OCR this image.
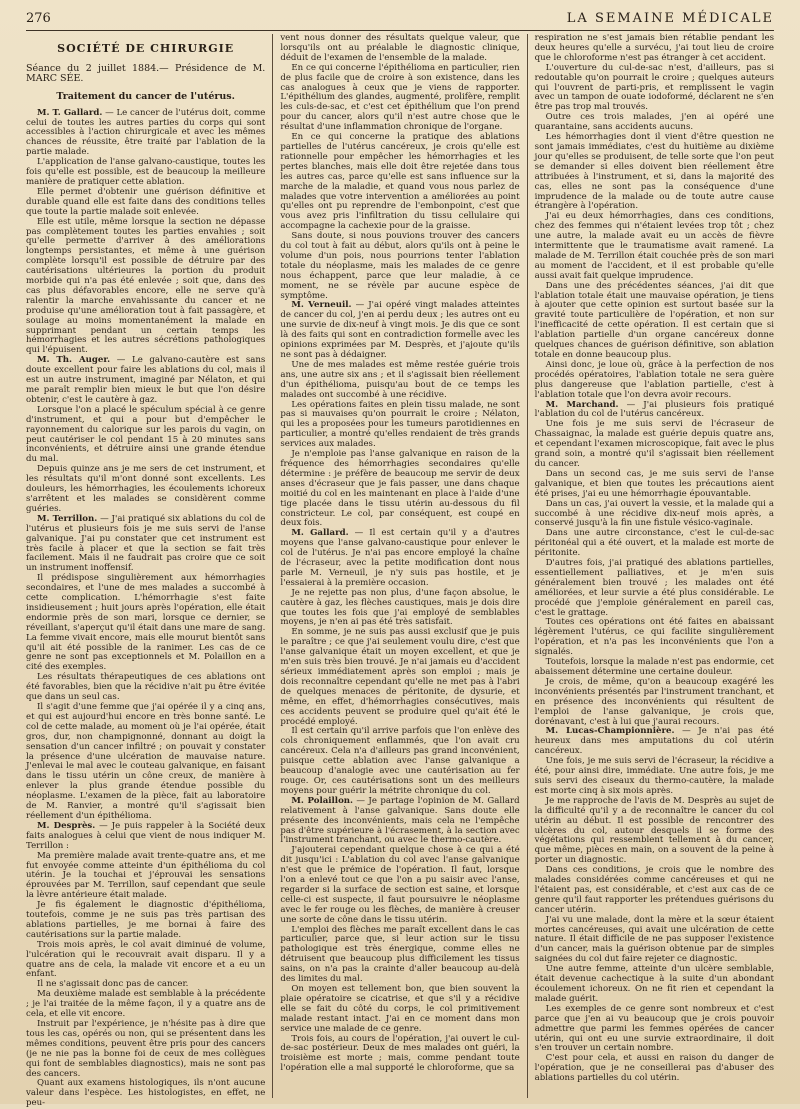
276	LA SEMAINE MÉDICALE
SOCIÉTÉ DE CHIRURGIE
Séance du 2 juillet 1884.— Présidence de M. MARC SÉE.
Traitement du cancer de l'utérus.

M. T. Gallard. — Le cancer de l'utérus doit, comme celui de toutes les autres parties du corps qui sont accessibles à l'action chirurgicale et avec les mêmes chances de réussite, être traité par l'ablation de la partie malade.

L'application de l'anse galvano-caustique, toutes les fois qu'elle est possible, est de beaucoup la meilleure manière de pratiquer cette ablation.

Elle permet d'obtenir une guérison définitive et durable quand elle est faite dans des conditions telles que toute la partie malade soit enlevée.

Elle est utile, même lorsque la section ne dépasse pas complètement toutes les parties envahies ; soit qu'elle permette d'arriver à des améliorations longtemps persistantes, et même à une guérison complète lorsqu'il est possible de détruire par des cautérisations ultérieures la portion du produit morbide qui n'a pas été enlevée ; soit que, dans des cas plus défavorables encore, elle ne serve qu'à ralentir la marche envahissante du cancer et ne produise qu'une amélioration tout à fait passagère, et soulage au moins momentanément la malade en supprimant pendant un certain temps les hémorrhagies et les autres sécrétions pathologiques qui l'épuisent.

M. Th. Auger. — Le galvano-cautère est sans doute excellent pour faire les ablations du col, mais il est un autre instrument, imaginé par Nélaton, et qui me paraît remplir bien mieux le but que l'on désire obtenir, c'est le cautère à gaz.

Lorsque l'on a placé le spéculum spécial à ce genre d'instrument, et qui a pour but d'empêcher le rayonnement du calorique sur les parois du vagin, on peut cautériser le col pendant 15 à 20 minutes sans inconvénients, et détruire ainsi une grande étendue du mal.

Depuis quinze ans je me sers de cet instrument, et les résultats qu'il m'ont donné sont excellents. Les douleurs, les hémorrhagies, les écoulements ichoreux s'arrêtent et les malades se considèrent comme guéries.

M. Terrillon. — J'ai pratiqué six ablations du col de l'utérus et plusieurs fois je me suis servi de l'anse galvanique. J'ai pu constater que cet instrument est très facile à placer et que la section se fait très facilement. Mais il ne faudrait pas croire que ce soit un instrument inoffensif.

Il prédispose singulièrement aux hémorrhagies secondaires, et l'une de mes malades a succombé à cette complication. L'hémorrhagie s'est faite insidieusement ; huit jours après l'opération, elle était endormie près de son mari, lorsque ce dernier, se réveillant, s'aperçut qu'il était dans une mare de sang. La femme vivait encore, mais elle mourut bientôt sans qu'il ait été possible de la ranimer. Les cas de ce genre ne sont pas exceptionnels et M. Polaillon en a cité des exemples.

Les résultats thérapeutiques de ces ablations ont été favorables, bien que la récidive n'ait pu être évitée que dans un seul cas.

Il s'agit d'une femme que j'ai opérée il y a cinq ans, et qui est aujourd'hui encore en très bonne santé. Le col de cette malade, au moment où je l'ai opérée, était gros, dur, non champignonné, donnant au doigt la sensation d'un cancer infiltré ; on pouvait y constater la présence d'une ulcération de mauvaise nature. J'enlevai le mal avec le couteau galvanique, en faisant dans le tissu utérin un cône creux, de manière à enlever la plus grande étendue possible du néoplasme. L'examen de la pièce, fait au laboratoire de M. Ranvier, a montré qu'il s'agissait bien réellement d'un épithélioma.

M. Desprès. — Je puis rappeler à la Société deux faits analogues à celui que vient de nous indiquer M. Terrillon :

Ma première malade avait trente-quatre ans, et me fut envoyée comme atteinte d'un épithélioma du col utérin. Je la touchai et j'éprouvai les sensations éprouvées par M. Terrillon, sauf cependant que seule la lèvre antérieure était malade.

Je fis également le diagnostic d'épithélioma, toutefois, comme je ne suis pas très partisan des ablations partielles, je me bornai à faire des cautérisations sur la partie malade.

Trois mois après, le col avait diminué de volume, l'ulcération qui le recouvrait avait disparu. Il y a quatre ans de cela, la malade vit encore et a eu un enfant.

Il ne s'agissait donc pas de cancer.

Ma deuxième malade est semblable à la précédente ; je l'ai traitée de la même façon, il y a quatre ans de cela, et elle vit encore.

Instruit par l'expérience, je n'hésite pas à dire que tous les cas, opérés ou non, qui se présentent dans les mêmes conditions, peuvent être pris pour des cancers (je ne nie pas la bonne foi de ceux de mes collègues qui font de semblables diagnostics), mais ne sont pas des cancers.

Quant aux examens histologiques, ils n'ont aucune valeur dans l'espèce. Les histologistes, en effet, ne peu-

vent nous donner des résultats quelque valeur, que lorsqu'ils ont au préalable le diagnostic clinique, déduit de l'examen de l'ensemble de la malade.

En ce qui concerne l'épithélioma en particulier, rien de plus facile que de croire à son existence, dans les cas analogues à ceux que je viens de rapporter. L'épithélium des glandes, augmenté, prolifère, remplit les culs-de-sac, et c'est cet épithélium que l'on prend pour du cancer, alors qu'il n'est autre chose que le résultat d'une inflammation chronique de l'organe.

En ce qui concerne la pratique des ablations partielles de l'utérus cancéreux, je crois qu'elle est rationnelle pour empêcher les hémorrhagies et les pertes blanches, mais elle doit être rejetée dans tous les autres cas, parce qu'elle est sans influence sur la marche de la maladie, et quand vous nous parlez de malades que votre intervention a améliorées au point qu'elles ont pu reprendre de l'embonpoint, c'est que vous avez pris l'infiltration du tissu cellulaire qui accompagne la cachexie pour de la graisse.

Sans doute, si nous pouvions trouver des cancers du col tout à fait au début, alors qu'ils ont à peine le volume d'un pois, nous pourrions tenter l'ablation totale du néoplasme, mais les malades de ce genre nous échappent, parce que leur maladie, à ce moment, ne se révèle par aucune espèce de symptôme.

M. Verneuil. — J'ai opéré vingt malades atteintes de cancer du col, j'en ai perdu deux ; les autres ont eu une survie de dix-neuf à vingt mois. Je dis que ce sont là des faits qui sont en contradiction formelle avec les opinions exprimées par M. Desprès, et j'ajoute qu'ils ne sont pas à dédaigner.

Une de mes malades est même restée guérie trois ans, une autre six ans ; et il s'agissait bien réellement d'un épithélioma, puisqu'au bout de ce temps les malades ont succombé à une récidive.

Les opérations faites en plein tissu malade, ne sont pas si mauvaises qu'on pourrait le croire ; Nélaton, qui les a proposées pour les tumeurs parotidiennes en particulier, a montré qu'elles rendaient de très grands services aux malades.

Je n'emploie pas l'anse galvanique en raison de la fréquence des hémorrhagies secondaires qu'elle détermine : je préfère de beaucoup me servir de deux anses d'écraseur que je fais passer, une dans chaque moitié du col en les maintenant en place à l'aide d'une tige placée dans le tissu utérin au-dessous du fil constricteur. Le col, par conséquent, est coupé en deux fois.

M. Gallard. — Il est certain qu'il y a d'autres moyens que l'anse galvano-caustique pour enlever le col de l'utérus. Je n'ai pas encore employé la chaîne de l'écraseur, avec la petite modification dont nous parle M. Verneuil, je n'y suis pas hostile, et je l'essaierai à la première occasion.

Je ne rejette pas non plus, d'une façon absolue, le cautère à gaz, les flèches caustiques, mais je dois dire que toutes les fois que j'ai employé de semblables moyens, je n'en ai pas été très satisfait.

En somme, je ne suis pas aussi exclusif que je puis le paraître ; ce que j'ai seulement voulu dire, c'est que l'anse galvanique était un moyen excellent, et que je m'en suis très bien trouvé. Je n'ai jamais eu d'accident sérieux immédiatement après son emploi ; mais je dois reconnaître cependant qu'elle ne met pas à l'abri de quelques menaces de péritonite, de dysurie, et même, en effet, d'hémorrhagies consécutives, mais ces accidents peuvent se produire quel qu'ait été le procédé employé.

Il est certain qu'il arrive parfois que l'on enlève des cols chroniquement enflammés, que l'on avait cru cancéreux. Cela n'a d'ailleurs pas grand inconvénient, puisque cette ablation avec l'anse galvanique a beaucoup d'analogie avec une cautérisation au fer rouge. Or, ces cautérisations sont un des meilleurs moyens pour guérir la métrite chronique du col.

M. Polaillon. — Je partage l'opinion de M. Gallard relativement à l'anse galvanique. Sans doute elle présente des inconvénients, mais cela ne l'empêche pas d'être supérieure à l'écrasement, à la section avec l'instrument tranchant, ou avec le thermo-cautère.

J'ajouterai cependant quelque chose à ce qui a été dit jusqu'ici : L'ablation du col avec l'anse galvanique n'est que le prémice de l'opération. Il faut, lorsque l'on a enlevé tout ce que l'on a pu saisir avec l'anse, regarder si la surface de section est saine, et lorsque celle-ci est suspecte, il faut poursuivre le néoplasme avec le fer rouge ou les flèches, de manière à creuser une sorte de cône dans le tissu utérin.

L'emploi des flèches me paraît excellent dans le cas particulier, parce que, si leur action sur le tissu pathologique est très énergique, comme elles ne détruisent que beaucoup plus difficilement les tissus sains, on n'a pas la crainte d'aller beaucoup au-delà des limites du mal.

On moyen est tellement bon, que bien souvent la plaie opératoire se cicatrise, et que s'il y a récidive elle se fait du côté du corps, le col primitivement malade restant intact. J'ai en ce moment dans mon service une malade de ce genre.

Trois fois, au cours de l'opération, j'ai ouvert le cul-de-sac postérieur. Deux de mes malades ont guéri, la troisième est morte ; mais, comme pendant toute l'opération elle a mal supporté le chloroforme, que sa

respiration ne s'est jamais bien rétablie pendant les deux heures qu'elle a survécu, j'ai tout lieu de croire que le chloroforme n'est pas étranger à cet accident.

L'ouverture du cul-de-sac n'est, d'ailleurs, pas si redoutable qu'on pourrait le croire ; quelques auteurs qui l'ouvrent de parti-pris, et remplissent le vagin avec un tampon de ouate iodoformé, déclarent ne s'en être pas trop mal trouvés.

Outre ces trois malades, j'en ai opéré une quarantaine, sans accidents aucuns.

Les hémorrhagies dont il vient d'être question ne sont jamais immédiates, c'est du huitième au dixième jour qu'elles se produisent, de telle sorte que l'on peut se demander si elles doivent bien réellement être attribuées à l'instrument, et si, dans la majorité des cas, elles ne sont pas la conséquence d'une imprudence de la malade ou de toute autre cause étrangère à l'opération.

J'ai eu deux hémorrhagies, dans ces conditions, chez des femmes qui n'étaient levées trop tôt ; chez une autre, la malade avait eu un accès de fièvre intermittente que le traumatisme avait ramené. La malade de M. Terrillon était couchée près de son mari au moment de l'accident, et il est probable qu'elle aussi avait fait quelque imprudence.

Dans une des précédentes séances, j'ai dit que l'ablation totale était une mauvaise opération, je tiens à ajouter que cette opinion est surtout basée sur la gravité toute particulière de l'opération, et non sur l'inefficacité de cette opération. Il est certain que si l'ablation partielle d'un organe cancéreux donne quelques chances de guérison définitive, son ablation totale en donne beaucoup plus.

Ainsi donc, je loue où, grâce à la perfection de nos procédés opératoires, l'ablation totale ne sera guère plus dangereuse que l'ablation partielle, c'est à l'ablation totale que l'on devra avoir recours.

M. Marchand. — J'ai plusieurs fois pratiqué l'ablation du col de l'utérus cancéreux.

Une fois je me suis servi de l'écraseur de Chassaignac, la malade est guérie depuis quatre ans, et cependant l'examen microscopique, fait avec le plus grand soin, a montré qu'il s'agissait bien réellement du cancer.

Dans un second cas, je me suis servi de l'anse galvanique, et bien que toutes les précautions aient été prises, j'ai eu une hémorrhagie épouvantable.

Dans un cas, j'ai ouvert la vessie, et la malade qui a succombé à une récidive dix-neuf mois après, a conservé jusqu'à la fin une fistule vésico-vaginale.

Dans une autre circonstance, c'est le cul-de-sac péritonéal qui a été ouvert, et la malade est morte de péritonite.

D'autres fois, j'ai pratiqué des ablations partielles, essentiellement palliatives, et je m'en suis généralement bien trouvé ; les malades ont été améliorées, et leur survie a été plus considérable. Le procédé que j'emploie généralement en pareil cas, c'est le grattage.

Toutes ces opérations ont été faites en abaissant légèrement l'utérus, ce qui facilite singulièrement l'opération, et n'a pas les inconvénients que l'on a signalés.

Toutefois, lorsque la malade n'est pas endormie, cet abaissement détermine une certaine douleur.

Je crois, de même, qu'on a beaucoup exagéré les inconvénients présentés par l'instrument tranchant, et en présence des inconvénients qui résultent de l'emploi de l'anse galvanique, je crois que, dorénavant, c'est à lui que j'aurai recours.

M. Lucas-Championnière. — Je n'ai pas été heureux dans mes amputations du col utérin cancéreux.

Une fois, je me suis servi de l'écraseur, la récidive a été, pour ainsi dire, immédiate. Une autre fois, je me suis servi des ciseaux du thermo-cautère, la malade est morte cinq à six mois après.

Je me rapproche de l'avis de M. Desprès au sujet de la difficulté qu'il y a de reconnaître le cancer du col utérin au début. Il est possible de rencontrer des ulcères du col, autour desquels il se forme des végétations qui ressemblent tellement à du cancer, que même, pièces en main, on a souvent de la peine à porter un diagnostic.

Dans ces conditions, je crois que le nombre des malades considérées comme cancéreuses et qui ne l'étaient pas, est considérable, et c'est aux cas de ce genre qu'il faut rapporter les prétendues guérisons du cancer utérin.

J'ai vu une malade, dont la mère et la sœur étaient mortes cancéreuses, qui avait une ulcération de cette nature. Il était difficile de ne pas supposer l'existence d'un cancer, mais la guérison obtenue par de simples saignées du col dut faire rejeter ce diagnostic.

Une autre femme, atteinte d'un ulcère semblable, était devenue cachectique à la suite d'un abondant écoulement ichoreux. On ne fit rien et cependant la malade guérit.

Les exemples de ce genre sont nombreux et c'est parce que j'en ai vu beaucoup que je crois pouvoir admettre que parmi les femmes opérées de cancer utérin, qui ont eu une survie extraordinaire, il doit s'en trouver un certain nombre.

C'est pour cela, et aussi en raison du danger de l'opération, que je ne conseillerai pas d'abuser des ablations partielles du col utérin.
